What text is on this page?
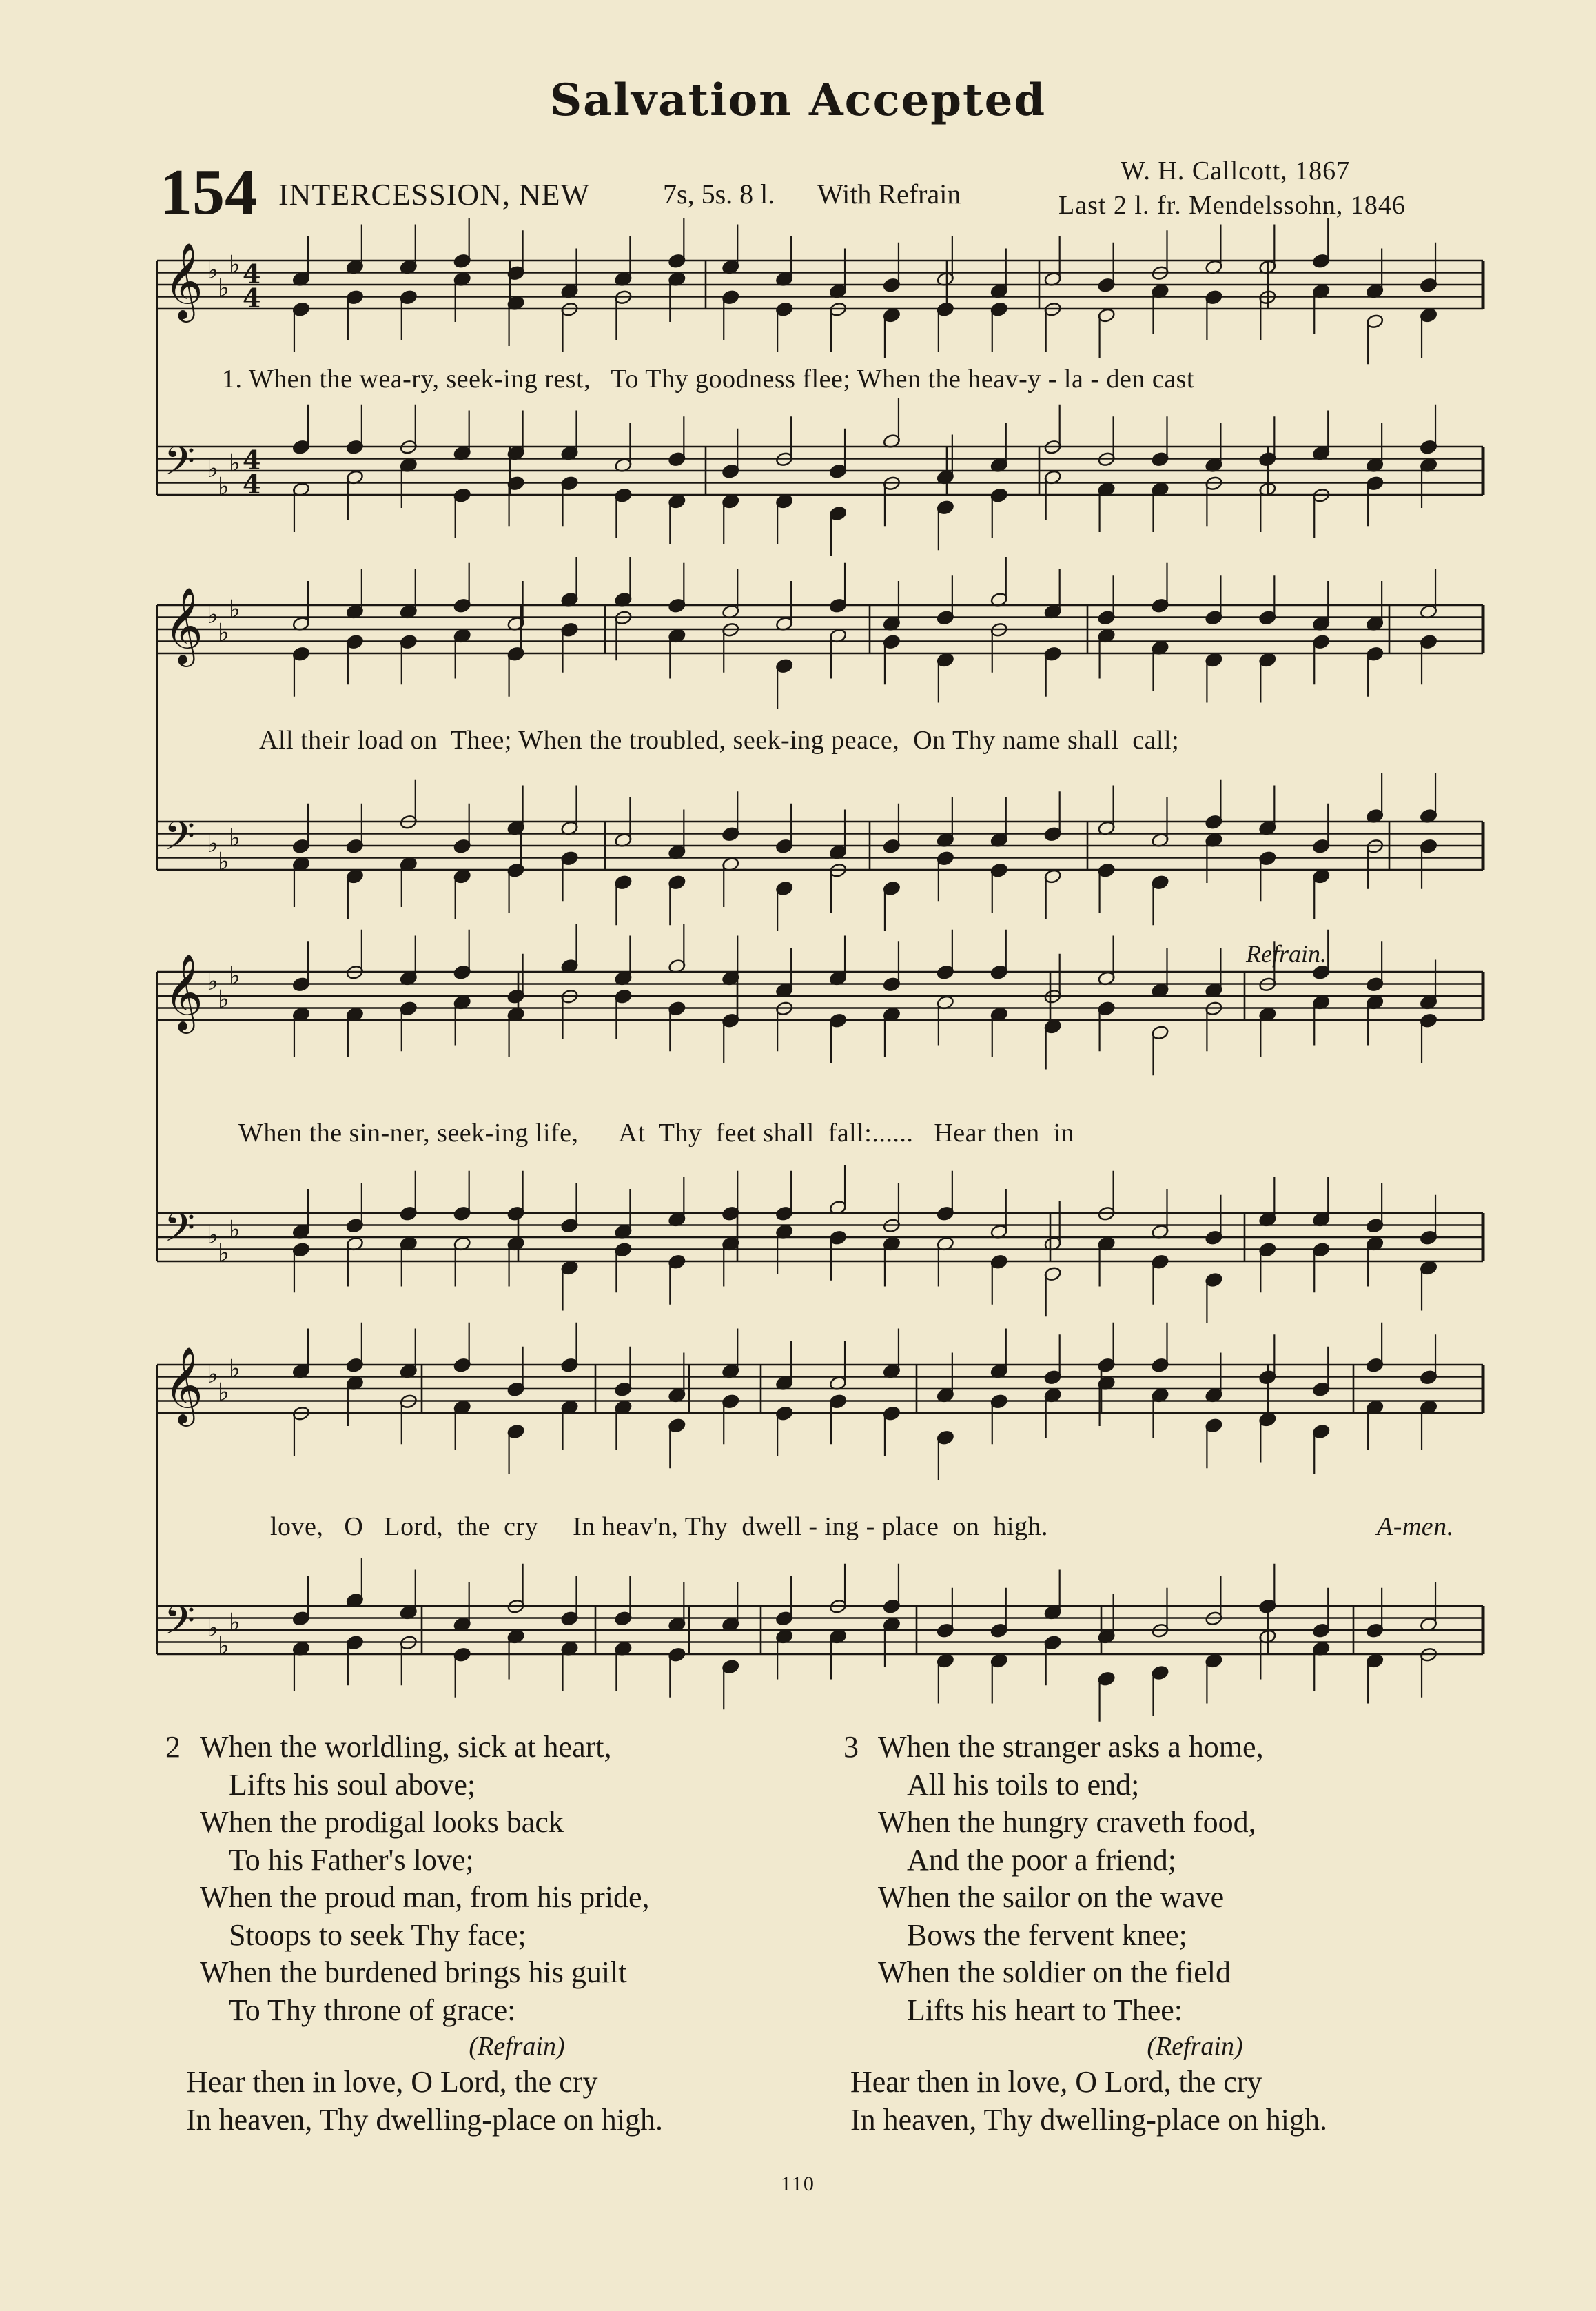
Salvation Accepted
154 INTERCESSION, NEW	7s, 5s. 8 l. With Refrain
W. H. Callcott, 1867
Last 2 l. fr. Mendelssohn, 1846
𝄞 ♭
♭
♭ 4
4
𝄢 ♭
♭
♭ 4
4
𝄞 ♭
♭
♭
𝄢 ♭
♭
♭
𝄞 ♭
♭
♭
𝄢 ♭
♭
♭
𝄞 ♭
♭
♭
𝄢 ♭
♭
♭
1. When the wea-ry, seek-ing rest,   To Thy goodness flee; When the heav-y - la - den cast
All their load on  Thee; When the troubled, seek-ing peace,  On Thy name shall  call;
Refrain.
When the sin-ner, seek-ing life,      At  Thy  feet shall  fall:......   Hear then  in
love,   O   Lord,  the  cry     In heav'n, Thy  dwell - ing - place  on  high.	A-men.
2 When the worldling, sick at heart,
Lifts his soul above;
When the prodigal looks back
To his Father's love;
When the proud man, from his pride,
Stoops to seek Thy face;
When the burdened brings his guilt
To Thy throne of grace:
(Refrain)
Hear then in love, O Lord, the cry
In heaven, Thy dwelling-place on high.
3 When the stranger asks a home,
All his toils to end;
When the hungry craveth food,
And the poor a friend;
When the sailor on the wave
Bows the fervent knee;
When the soldier on the field
Lifts his heart to Thee:
(Refrain)
Hear then in love, O Lord, the cry
In heaven, Thy dwelling-place on high.
110
